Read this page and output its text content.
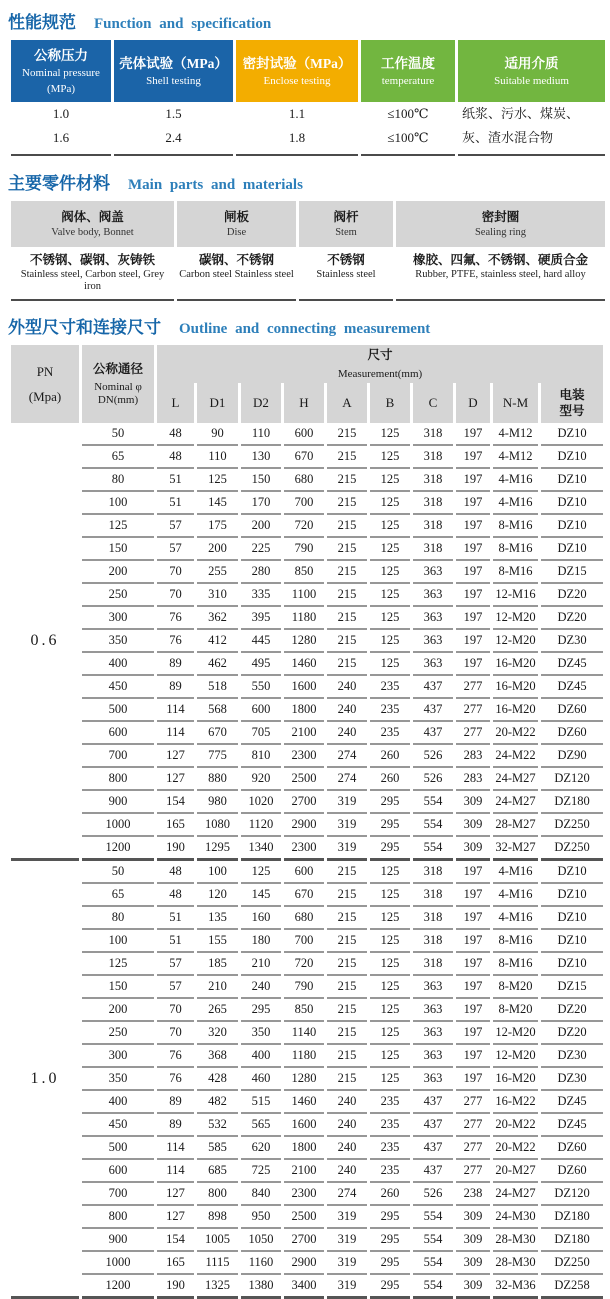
性能规范 Function and specification
公称压力
Nominal pressure
(MPa)

壳体试验（MPa）
Shell testing

密封试验（MPa）
Enclose testing

工作温度
temperature

适用介质
Suitable medium

1.0	1.5	1.1	≤100℃	纸浆、污水、煤炭、
1.6	2.4	1.8	≤100℃	灰、渣水混合物
主要零件材料 Main parts and materials
阀体、阀盖
Valve body, Bonnet

闸板
Dise

阀杆
Stem

密封圈
Sealing ring

不锈钢、碳钢、灰铸铁
Stainless steel, Carbon steel, Grey iron

碳钢、不锈钢
Carbon steel Stainless steel

不锈钢
Stainless steel

橡胶、四氟、不锈钢、硬质合金
Rubber, PTFE, stainless steel, hard alloy
外型尺寸和连接尺寸 Outline and connecting measurement
PN
(Mpa)

公称通径
Nominal φ
DN(mm)
	尺寸
Measurement(mm)
		L	D1	D2	H	A	B	C	D	N-M	电装
型号

0.6	50	48	90	110	600	215	125	318	197	4-M12	DZ10
	65	48	110	130	670	215	125	318	197	4-M12	DZ10
	80	51	125	150	680	215	125	318	197	4-M16	DZ10
	100	51	145	170	700	215	125	318	197	4-M16	DZ10
	125	57	175	200	720	215	125	318	197	8-M16	DZ10
	150	57	200	225	790	215	125	318	197	8-M16	DZ10
	200	70	255	280	850	215	125	363	197	8-M16	DZ15
	250	70	310	335	1100	215	125	363	197	12-M16	DZ20
	300	76	362	395	1180	215	125	363	197	12-M20	DZ20
	350	76	412	445	1280	215	125	363	197	12-M20	DZ30
	400	89	462	495	1460	215	125	363	197	16-M20	DZ45
	450	89	518	550	1600	240	235	437	277	16-M20	DZ45
	500	114	568	600	1800	240	235	437	277	16-M20	DZ60
	600	114	670	705	2100	240	235	437	277	20-M22	DZ60
	700	127	775	810	2300	274	260	526	283	24-M22	DZ90
	800	127	880	920	2500	274	260	526	283	24-M27	DZ120
	900	154	980	1020	2700	319	295	554	309	24-M27	DZ180
	1000	165	1080	1120	2900	319	295	554	309	28-M27	DZ250
	1200	190	1295	1340	2300	319	295	554	309	32-M27	DZ250
1.0	50	48	100	125	600	215	125	318	197	4-M16	DZ10
	65	48	120	145	670	215	125	318	197	4-M16	DZ10
	80	51	135	160	680	215	125	318	197	4-M16	DZ10
	100	51	155	180	700	215	125	318	197	8-M16	DZ10
	125	57	185	210	720	215	125	318	197	8-M16	DZ10
	150	57	210	240	790	215	125	363	197	8-M20	DZ15
	200	70	265	295	850	215	125	363	197	8-M20	DZ20
	250	70	320	350	1140	215	125	363	197	12-M20	DZ20
	300	76	368	400	1180	215	125	363	197	12-M20	DZ30
	350	76	428	460	1280	215	125	363	197	16-M20	DZ30
	400	89	482	515	1460	240	235	437	277	16-M22	DZ45
	450	89	532	565	1600	240	235	437	277	20-M22	DZ45
	500	114	585	620	1800	240	235	437	277	20-M22	DZ60
	600	114	685	725	2100	240	235	437	277	20-M27	DZ60
	700	127	800	840	2300	274	260	526	238	24-M27	DZ120
	800	127	898	950	2500	319	295	554	309	24-M30	DZ180
	900	154	1005	1050	2700	319	295	554	309	28-M30	DZ180
	1000	165	1115	1160	2900	319	295	554	309	28-M30	DZ250
	1200	190	1325	1380	3400	319	295	554	309	32-M36	DZ258
